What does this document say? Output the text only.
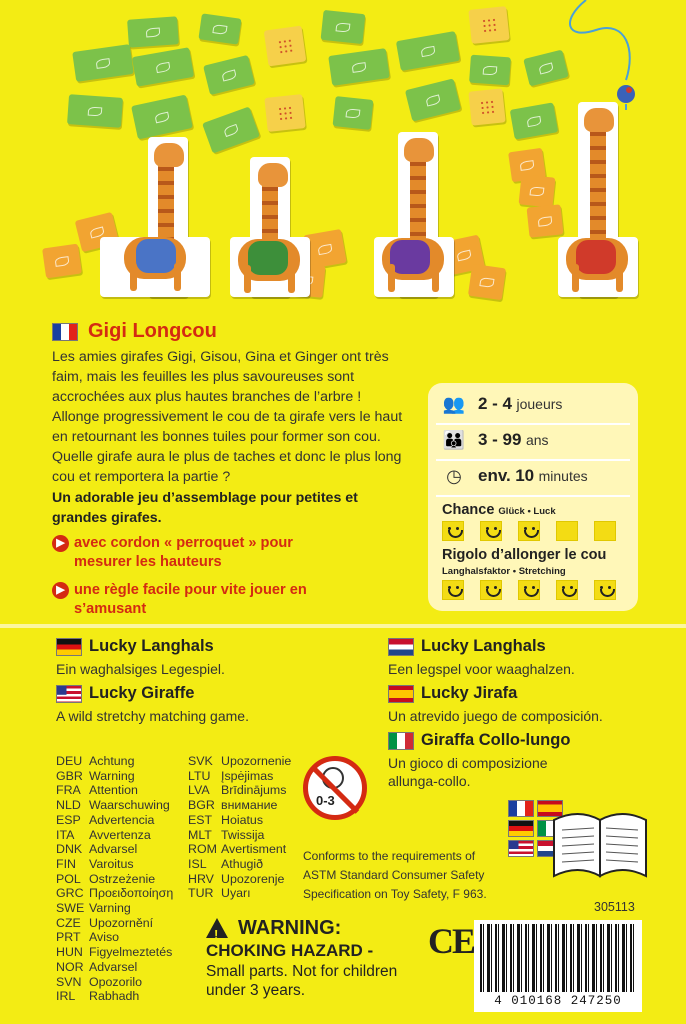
Gigi Longcou

Les amies girafes Gigi, Gisou, Gina et Ginger ont très faim, mais les feuilles les plus savoureuses sont accrochées aux plus hautes branches de l’arbre ! Allonge progressivement le cou de ta girafe vers le haut en retournant les bonnes tuiles pour former son cou. Quelle girafe aura le plus de taches et donc le plus long cou et remportera la partie ?

Un adorable jeu d’assemblage pour petites et grandes girafes.

▶ avec cordon « perroquet » pour mesurer les hauteurs
▶ une règle facile pour vite jouer en s’amusant
👥 2 - 4 joueurs
👪 3 - 99 ans
◷ env. 10 minutes
Chance Glück • Luck
Rigolo d’allonger le cou
Langhalsfaktor • Stretching
Lucky Langhals

Ein waghalsiges Legespiel.

Lucky Giraffe

A wild stretchy matching game.

Lucky Langhals

Een legspel voor waaghalzen.

Lucky Jirafa

Un atrevido juego de composición.

Giraffa Collo-lungo

Un gioco di composizione allunga-collo.

DEU Achtung
GBR Warning
FRA Attention
NLD Waarschuwing
ESP Advertencia
ITA	Avvertenza
DNK Advarsel
FIN	Varoitus
POL Ostrzeżenie
GRC Προειδοποίηση
SWE Varning
CZE Upozornění
PRT Aviso
HUN Figyelmeztetés
NOR Advarsel
SVN Opozorilo
IRL	Rabhadh
SVK Upozornenie
LTU Įspėjimas
LVA Brīdinājums
BGR внимание
EST Hoiatus
MLT Twissija
ROM Avertisment
ISL	Athugið
HRV Upozorenje
TUR Uyarı
0-3

Conforms to the requirements of ASTM Standard Consumer Safety Specification on Toy Safety, F 963.

305113
!
WARNING:
CHOKING HAZARD -
Small parts. Not for children under 3 years.
CE
4 010168 247250
